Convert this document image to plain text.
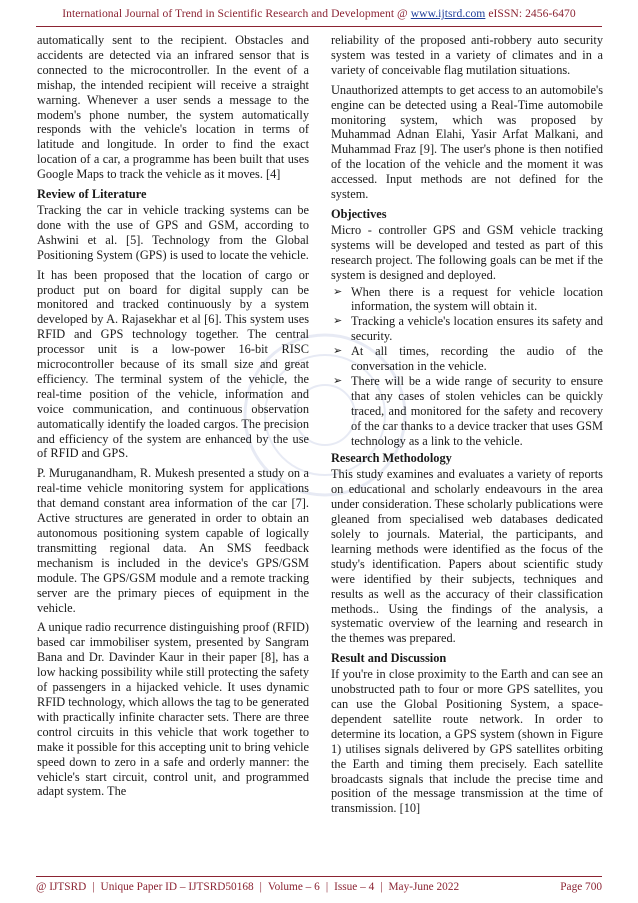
International Journal of Trend in Scientific Research and Development @ www.ijtsrd.com eISSN: 2456-6470

automatically sent to the recipient. Obstacles and accidents are detected via an infrared sensor that is connected to the microcontroller. In the event of a mishap, the intended recipient will receive a straight warning. Whenever a user sends a message to the modem's phone number, the system automatically responds with the vehicle's location in terms of latitude and longitude. In order to find the exact location of a car, a programme has been built that uses Google Maps to track the vehicle as it moves. [4]

Review of Literature

Tracking the car in vehicle tracking systems can be done with the use of GPS and GSM, according to Ashwini et al. [5]. Technology from the Global Positioning System (GPS) is used to locate the vehicle.

It has been proposed that the location of cargo or product put on board for digital supply can be monitored and tracked continuously by a system developed by A. Rajasekhar et al [6]. This system uses RFID and GPS technology together. The central processor unit is a low-power 16-bit RISC microcontroller because of its small size and great efficiency. The terminal system of the vehicle, the real-time position of the vehicle, information and voice communication, and continuous observation automatically identify the loaded cargos. The precision and efficiency of the system are enhanced by the use of RFID and GPS.

P. Muruganandham, R. Mukesh presented a study on a real-time vehicle monitoring system for applications that demand constant area information of the car [7]. Active structures are generated in order to obtain an autonomous positioning system capable of logically transmitting regional data. An SMS feedback mechanism is included in the device's GPS/GSM module. The GPS/GSM module and a remote tracking server are the primary pieces of equipment in the vehicle.

A unique radio recurrence distinguishing proof (RFID) based car immobiliser system, presented by Sangram Bana and Dr. Davinder Kaur in their paper [8], has a low hacking possibility while still protecting the safety of passengers in a hijacked vehicle. It uses dynamic RFID technology, which allows the tag to be generated with practically infinite character sets. There are three control circuits in this vehicle that work together to make it possible for this accepting unit to bring vehicle speed down to zero in a safe and orderly manner: the vehicle's start circuit, control unit, and programmed adapt system. The

reliability of the proposed anti-robbery auto security system was tested in a variety of climates and in a variety of conceivable flag mutilation situations.

Unauthorized attempts to get access to an automobile's engine can be detected using a Real-Time automobile monitoring system, which was proposed by Muhammad Adnan Elahi, Yasir Arfat Malkani, and Muhammad Fraz [9]. The user's phone is then notified of the location of the vehicle and the moment it was accessed. Input methods are not defined for the system.

Objectives

Micro - controller GPS and GSM vehicle tracking systems will be developed and tested as part of this research project. The following goals can be met if the system is designed and deployed.

➢ When there is a request for vehicle location information, the system will obtain it.
➢ Tracking a vehicle's location ensures its safety and security.
➢ At all times, recording the audio of the conversation in the vehicle.
➢ There will be a wide range of security to ensure that any cases of stolen vehicles can be quickly traced, and monitored for the safety and recovery of the car thanks to a device tracker that uses GSM technology as a link to the vehicle.
Research Methodology

This study examines and evaluates a variety of reports on educational and scholarly endeavours in the area under consideration. These scholarly publications were gleaned from specialised web databases dedicated solely to journals. Material, the participants, and learning methods were identified as the focus of the study's identification. Papers about scientific study were identified by their subjects, techniques and results as well as the accuracy of their classification methods.. Using the findings of the analysis, a systematic overview of the learning and research in the themes was prepared.

Result and Discussion

If you're in close proximity to the Earth and can see an unobstructed path to four or more GPS satellites, you can use the Global Positioning System, a space-dependent satellite route network. In order to determine its location, a GPS system (shown in Figure 1) utilises signals delivered by GPS satellites orbiting the Earth and timing them precisely. Each satellite broadcasts signals that include the precise time and position of the message transmission at the time of transmission. [10]

@ IJTSRD | Unique Paper ID – IJTSRD50168 | Volume – 6 | Issue – 4 | May-June 2022	Page 700
